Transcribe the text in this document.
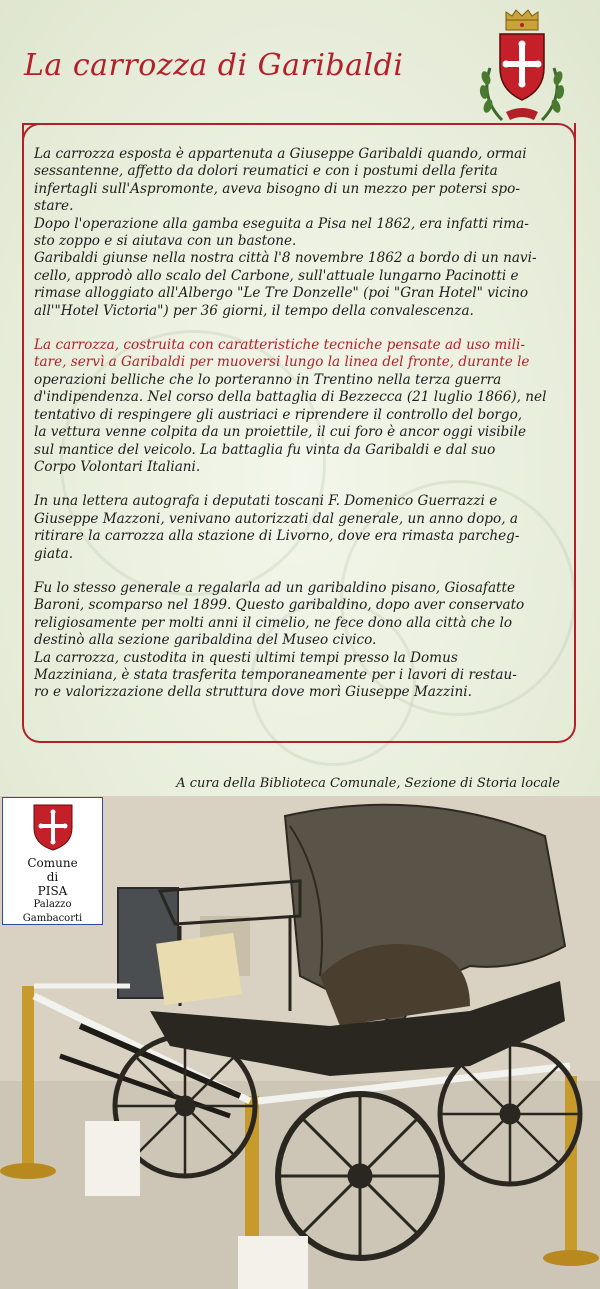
La carrozza di Garibaldi
La carrozza esposta è appartenuta a Giuseppe Garibaldi quando, ormai
sessantenne, affetto da dolori reumatici e con i postumi della ferita
infertagli sull'Aspromonte, aveva bisogno di un mezzo per potersi spo-
stare.
Dopo l'operazione alla gamba eseguita a Pisa nel 1862, era infatti rima-
sto zoppo e si aiutava con un bastone.
Garibaldi giunse nella nostra città l'8 novembre 1862 a bordo di un navi-
cello, approdò allo scalo del Carbone, sull'attuale lungarno Pacinotti e
rimase alloggiato all'Albergo "Le Tre Donzelle" (poi "Gran Hotel" vicino
all'"Hotel Victoria") per 36 giorni, il tempo della convalescenza.
La carrozza, costruita con caratteristiche tecniche pensate ad uso mili-
tare, servì a Garibaldi per muoversi lungo la linea del fronte, durante le
operazioni belliche che lo porteranno in Trentino nella terza guerra
d'indipendenza. Nel corso della battaglia di Bezzecca (21 luglio 1866), nel
tentativo di respingere gli austriaci e riprendere il controllo del borgo,
la vettura venne colpita da un proiettile, il cui foro è ancor oggi visibile
sul mantice del veicolo. La battaglia fu vinta da Garibaldi e dal suo
Corpo Volontari Italiani.
In una lettera autografa i deputati toscani F. Domenico Guerrazzi e
Giuseppe Mazzoni, venivano autorizzati dal generale, un anno dopo, a
ritirare la carrozza alla stazione di Livorno, dove era rimasta parcheg-
giata.
Fu lo stesso generale a regalarla ad un garibaldino pisano, Giosafatte
Baroni, scomparso nel 1899. Questo garibaldino, dopo aver conservato
religiosamente per molti anni il cimelio, ne fece dono alla città che lo
destinò alla sezione garibaldina del Museo civico.
La carrozza, custodita in questi ultimi tempi presso la Domus
Mazziniana, è stata trasferita temporaneamente per i lavori di restau-
ro e valorizzazione della struttura dove morì Giuseppe Mazzini.
A cura della Biblioteca Comunale, Sezione di Storia locale
Comune
di
PISA
Palazzo Gambacorti
